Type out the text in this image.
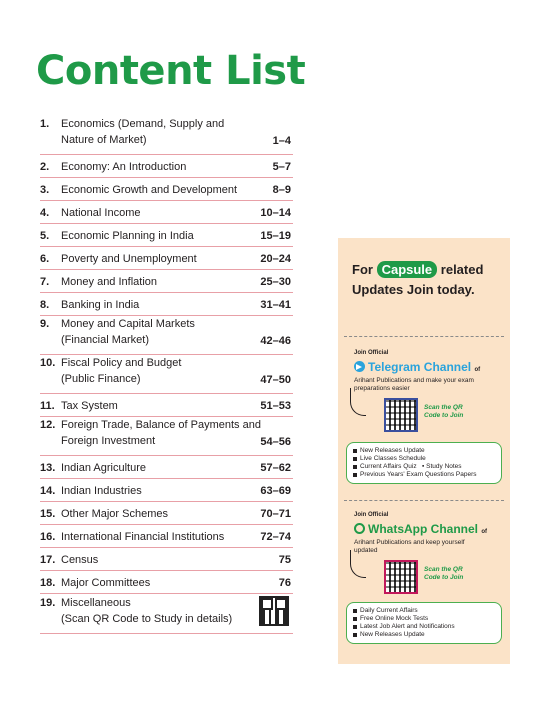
Content List
1. Economics (Demand, Supply and
Nature of Market)	1–4
2. Economy: An Introduction	5–7
3. Economic Growth and Development	8–9
4. National Income	10–14
5. Economic Planning in India	15–19
6. Poverty and Unemployment	20–24
7. Money and Inflation	25–30
8. Banking in India	31–41
9. Money and Capital Markets
(Financial Market)	42–46
10. Fiscal Policy and Budget
(Public Finance)	47–50
11. Tax System	51–53
12. Foreign Trade, Balance of Payments and
Foreign Investment	54–56
13. Indian Agriculture	57–62
14. Indian Industries	63–69
15. Other Major Schemes	70–71
16. International Financial Institutions	72–74
17. Census	75
18. Major Committees	76
19. Miscellaneous
(Scan QR Code to Study in details)
For Capsule related
Updates Join today.
Join Official
Telegram Channel of
Arihant Publications and make your exam preparations easier
Scan the QR Code to Join
New Releases Update
Live Classes Schedule
Current Affairs Quiz   ▪ Study Notes
Previous Years' Exam Questions Papers
Join Official
WhatsApp Channel of
Arihant Publications and keep yourself updated
Scan the QR Code to Join
Daily Current Affairs
Free Online Mock Tests
Latest Job Alert and Notifications
New Releases Update
